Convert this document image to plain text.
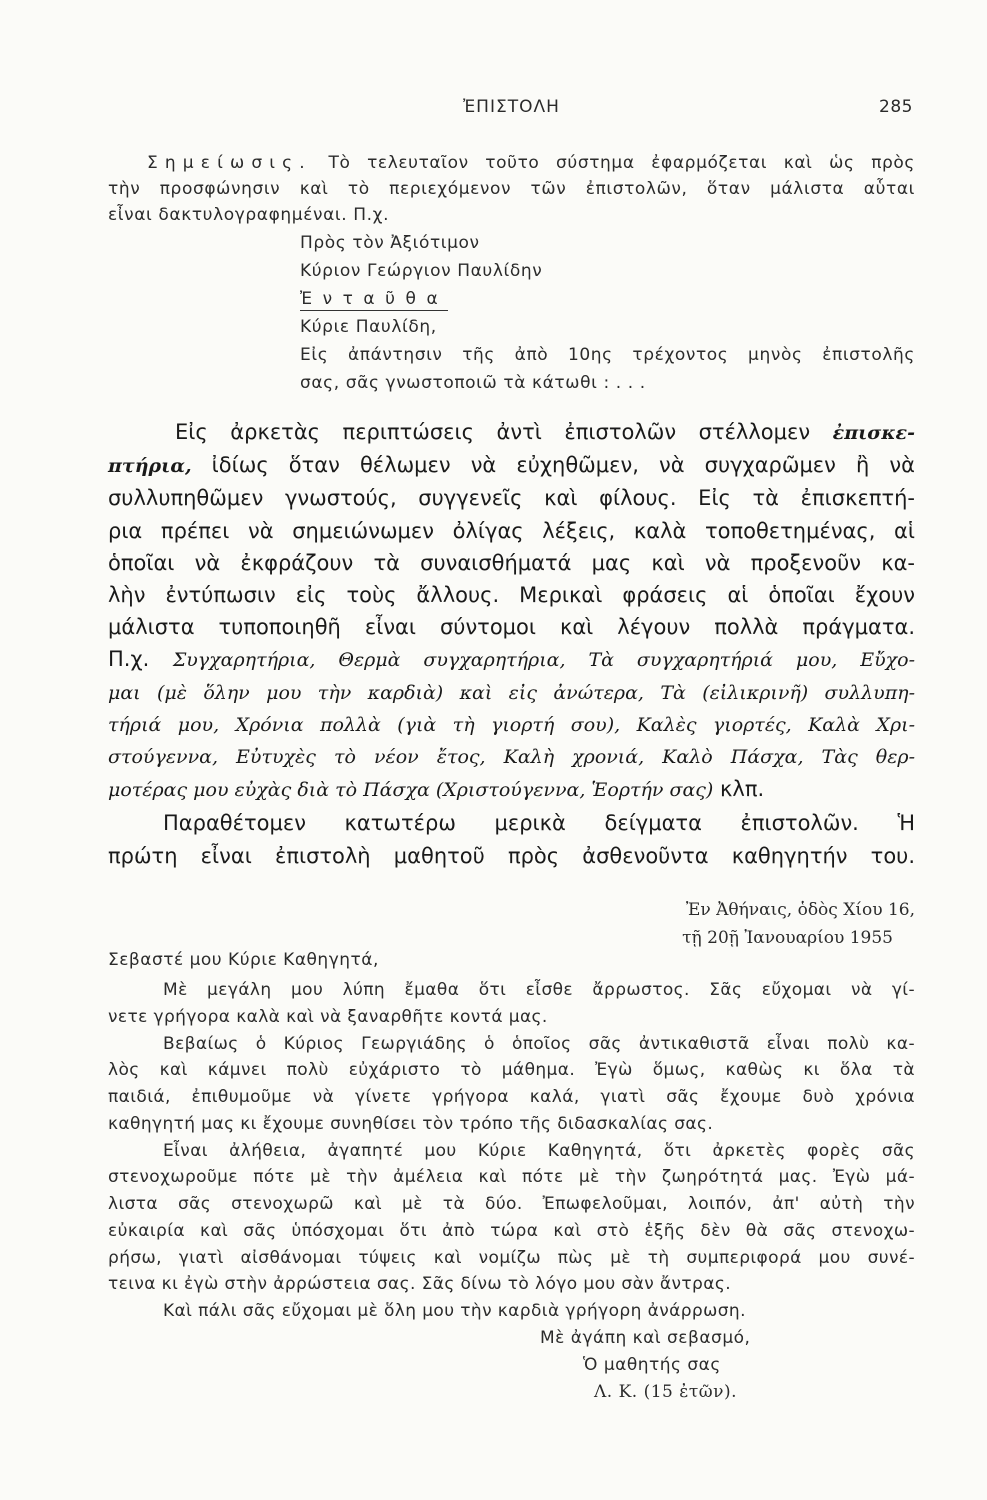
ἘΠΙΣΤΟΛΗ	285
Σημείωσις. Τὸ τελευταῖον τοῦτο σύστημα ἐφαρμόζεται καὶ ὡς πρὸς
τὴν προσφώνησιν καὶ τὸ περιεχόμενον τῶν ἐπιστολῶν, ὅταν μάλιστα αὗται
εἶναι δακτυλογραφημέναι. Π.χ.
Πρὸς τὸν Ἀξιότιμον
Κύριον Γεώργιον Παυλίδην
Ἐνταῦθα
Κύριε Παυλίδη,
Εἰς ἀπάντησιν τῆς ἀπὸ 10ης τρέχοντος μηνὸς ἐπιστολῆς
σας, σᾶς γνωστοποιῶ τὰ κάτωθι : . . .
Εἰς ἀρκετὰς περιπτώσεις ἀντὶ ἐπιστολῶν στέλλομεν ἐπισκε-
πτήρια, ἰδίως ὅταν θέλωμεν νὰ εὐχηθῶμεν, νὰ συγχαρῶμεν ἢ νὰ
συλλυπηθῶμεν γνωστούς, συγγενεῖς καὶ φίλους. Εἰς τὰ ἐπισκεπτή-
ρια πρέπει νὰ σημειώνωμεν ὀλίγας λέξεις, καλὰ τοποθετημένας, αἱ
ὁποῖαι νὰ ἐκφράζουν τὰ συναισθήματά μας καὶ νὰ προξενοῦν κα-
λὴν ἐντύπωσιν εἰς τοὺς ἄλλους. Μερικαὶ φράσεις αἱ ὁποῖαι ἔχουν
μάλιστα τυποποιηθῆ εἶναι σύντομοι καὶ λέγουν πολλὰ πράγματα.
Π.χ. Συγχαρητήρια, Θερμὰ συγχαρητήρια, Τὰ συγχαρητήριά μου, Εὔχο-
μαι (μὲ ὅλην μου τὴν καρδιὰ) καὶ εἰς ἀνώτερα, Τὰ (εἰλικρινῆ) συλλυπη-
τήριά μου, Χρόνια πολλὰ (γιὰ τὴ γιορτή σου), Καλὲς γιορτές, Καλὰ Χρι-
στούγεννα, Εὐτυχὲς τὸ νέον ἔτος, Καλὴ χρονιά, Καλὸ Πάσχα, Τὰς θερ-
μοτέρας μου εὐχὰς διὰ τὸ Πάσχα (Χριστούγεννα, Ἑορτήν σας) κλπ.
Παραθέτομεν κατωτέρω μερικὰ δείγματα ἐπιστολῶν. Ἡ
πρώτη εἶναι ἐπιστολὴ μαθητοῦ πρὸς ἀσθενοῦντα καθηγητήν του.
Ἐν Ἀθήναις, ὁδὸς Χίου 16,
τῇ 20ῇ Ἰανουαρίου 1955
Σεβαστέ μου Κύριε Καθηγητά,
Μὲ μεγάλη μου λύπη ἔμαθα ὅτι εἶσθε ἄρρωστος. Σᾶς εὔχομαι νὰ γί-
νετε γρήγορα καλὰ καὶ νὰ ξαναρθῆτε κοντά μας.
Βεβαίως ὁ Κύριος Γεωργιάδης ὁ ὁποῖος σᾶς ἀντικαθιστᾶ εἶναι πολὺ κα-
λὸς καὶ κάμνει πολὺ εὐχάριστο τὸ μάθημα. Ἐγὼ ὅμως, καθὼς κι ὅλα τὰ
παιδιά, ἐπιθυμοῦμε νὰ γίνετε γρήγορα καλά, γιατὶ σᾶς ἔχουμε δυὸ χρόνια
καθηγητή μας κι ἔχουμε συνηθίσει τὸν τρόπο τῆς διδασκαλίας σας.
Εἶναι ἀλήθεια, ἀγαπητέ μου Κύριε Καθηγητά, ὅτι ἀρκετὲς φορὲς σᾶς
στενοχωροῦμε πότε μὲ τὴν ἀμέλεια καὶ πότε μὲ τὴν ζωηρότητά μας. Ἐγὼ μά-
λιστα σᾶς στενοχωρῶ καὶ μὲ τὰ δύο. Ἐπωφελοῦμαι, λοιπόν, ἀπ' αὐτὴ τὴν
εὐκαιρία καὶ σᾶς ὑπόσχομαι ὅτι ἀπὸ τώρα καὶ στὸ ἑξῆς δὲν θὰ σᾶς στενοχω-
ρήσω, γιατὶ αἰσθάνομαι τύψεις καὶ νομίζω πὼς μὲ τὴ συμπεριφορά μου συνέ-
τεινα κι ἐγὼ στὴν ἀρρώστεια σας. Σᾶς δίνω τὸ λόγο μου σὰν ἄντρας.
Καὶ πάλι σᾶς εὔχομαι μὲ ὅλη μου τὴν καρδιὰ γρήγορη ἀνάρρωση.
Μὲ ἀγάπη καὶ σεβασμό,
Ὁ μαθητής σας
Λ. Κ. (15 ἐτῶν).
